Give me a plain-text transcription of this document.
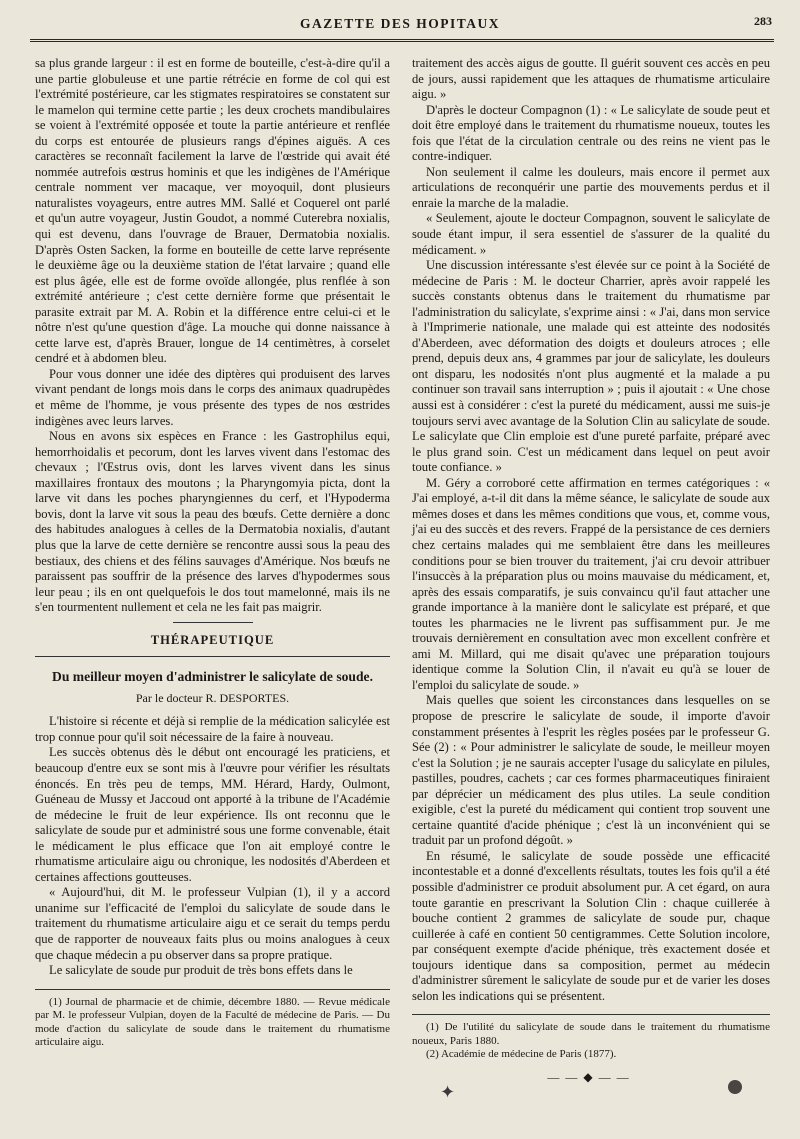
GAZETTE DES HOPITAUX	283

sa plus grande largeur : il est en forme de bouteille, c'est-à-dire qu'il a une partie globuleuse et une partie rétrécie en forme de col qui est l'extrémité postérieure, car les stigmates respiratoires se constatent sur le mamelon qui termine cette partie ; les deux crochets mandibulaires se voient à l'extrémité opposée et toute la partie antérieure et renflée du corps est entourée de plusieurs rangs d'épines aiguës. A ces caractères se reconnaît facilement la larve de l'œstride qui avait été nommée autrefois œstrus hominis et que les indigènes de l'Amérique centrale nomment ver macaque, ver moyoquil, dont plusieurs naturalistes voyageurs, entre autres MM. Sallé et Coquerel ont parlé et qu'un autre voyageur, Justin Goudot, a nommé Cuterebra noxialis, qui est devenu, dans l'ouvrage de Brauer, Dermatobia noxialis. D'après Osten Sacken, la forme en bouteille de cette larve représente le deuxième âge ou la deuxième station de l'état larvaire ; quand elle est plus âgée, elle est de forme ovoïde allongée, plus renflée à son extrémité antérieure ; c'est cette dernière forme que présentait le parasite extrait par M. A. Robin et la différence entre celui-ci et le nôtre n'est qu'une question d'âge. La mouche qui donne naissance à cette larve est, d'après Brauer, longue de 14 centimètres, à corselet cendré et à abdomen bleu.

Pour vous donner une idée des diptères qui produisent des larves vivant pendant de longs mois dans le corps des animaux quadrupèdes et même de l'homme, je vous présente des types de nos œstrides indigènes avec leurs larves.

Nous en avons six espèces en France : les Gastrophilus equi, hemorrhoidalis et pecorum, dont les larves vivent dans l'estomac des chevaux ; l'Œstrus ovis, dont les larves vivent dans les sinus maxillaires frontaux des moutons ; la Pharyngomyia picta, dont la larve vit dans les poches pharyngiennes du cerf, et l'Hypoderma bovis, dont la larve vit sous la peau des bœufs. Cette dernière a donc des habitudes analogues à celles de la Dermatobia noxialis, d'autant plus que la larve de cette dernière se rencontre aussi sous la peau des bestiaux, des chiens et des félins sauvages d'Amérique. Nos bœufs ne paraissent pas souffrir de la présence des larves d'hypodermes sous leur peau ; ils en ont quelquefois le dos tout mamelonné, mais ils ne s'en tourmentent nullement et cela ne les fait pas maigrir.

THÉRAPEUTIQUE
Du meilleur moyen d'administrer le salicylate de soude.
Par le docteur R. DESPORTES.

L'histoire si récente et déjà si remplie de la médication salicylée est trop connue pour qu'il soit nécessaire de la faire à nouveau.

Les succès obtenus dès le début ont encouragé les praticiens, et beaucoup d'entre eux se sont mis à l'œuvre pour vérifier les résultats énoncés. En très peu de temps, MM. Hérard, Hardy, Oulmont, Guéneau de Mussy et Jaccoud ont apporté à la tribune de l'Académie de médecine le fruit de leur expérience. Ils ont reconnu que le salicylate de soude pur et administré sous une forme convenable, était le médicament le plus efficace que l'on ait employé contre le rhumatisme articulaire aigu ou chronique, les nodosités d'Aberdeen et certaines affections goutteuses.

« Aujourd'hui, dit M. le professeur Vulpian (1), il y a accord unanime sur l'efficacité de l'emploi du salicylate de soude dans le traitement du rhumatisme articulaire aigu et ce serait du temps perdu que de rapporter de nouveaux faits plus ou moins analogues à ceux que chaque médecin a pu observer dans sa propre pratique.

Le salicylate de soude pur produit de très bons effets dans le

(1) Journal de pharmacie et de chimie, décembre 1880. — Revue médicale par M. le professeur Vulpian, doyen de la Faculté de médecine de Paris. — Du mode d'action du salicylate de soude dans le traitement du rhumatisme articulaire aigu.

traitement des accès aigus de goutte. Il guérit souvent ces accès en peu de jours, aussi rapidement que les attaques de rhumatisme articulaire aigu. »

D'après le docteur Compagnon (1) : « Le salicylate de soude peut et doit être employé dans le traitement du rhumatisme noueux, toutes les fois que l'état de la circulation centrale ou des reins ne vient pas le contre-indiquer.

Non seulement il calme les douleurs, mais encore il permet aux articulations de reconquérir une partie des mouvements perdus et il enraie la marche de la maladie.

« Seulement, ajoute le docteur Compagnon, souvent le salicylate de soude étant impur, il sera essentiel de s'assurer de la qualité du médicament. »

Une discussion intéressante s'est élevée sur ce point à la Société de médecine de Paris : M. le docteur Charrier, après avoir rappelé les succès constants obtenus dans le traitement du rhumatisme par l'administration du salicylate, s'exprime ainsi : « J'ai, dans mon service à l'Imprimerie nationale, une malade qui est atteinte des nodosités d'Aberdeen, avec déformation des doigts et douleurs atroces ; elle prend, depuis deux ans, 4 grammes par jour de salicylate, les douleurs ont disparu, les nodosités n'ont plus augmenté et la malade a pu continuer son travail sans interruption » ; puis il ajoutait : « Une chose aussi est à considérer : c'est la pureté du médicament, aussi me suis-je toujours servi avec avantage de la Solution Clin au salicylate de soude. Le salicylate que Clin emploie est d'une pureté parfaite, préparé avec le plus grand soin. C'est un médicament dans lequel on peut avoir toute confiance. »

M. Géry a corroboré cette affirmation en termes catégoriques : « J'ai employé, a-t-il dit dans la même séance, le salicylate de soude aux mêmes doses et dans les mêmes conditions que vous, et, comme vous, j'ai eu des succès et des revers. Frappé de la persistance de ces derniers chez certains malades qui me semblaient être dans les meilleures conditions pour se bien trouver du traitement, j'ai cru devoir attribuer l'insuccès à la préparation plus ou moins mauvaise du médicament, et, après des essais comparatifs, je suis convaincu qu'il faut attacher une grande importance à la manière dont le salicylate est préparé, et que toutes les pharmacies ne le livrent pas suffisamment pur. Je me trouvais dernièrement en consultation avec mon excellent confrère et ami M. Millard, qui me disait qu'avec une préparation toujours identique comme la Solution Clin, il n'avait eu qu'à se louer de l'emploi du salicylate de soude. »

Mais quelles que soient les circonstances dans lesquelles on se propose de prescrire le salicylate de soude, il importe d'avoir constamment présentes à l'esprit les règles posées par le professeur G. Sée (2) : « Pour administrer le salicylate de soude, le meilleur moyen c'est la Solution ; je ne saurais accepter l'usage du salicylate en pilules, pastilles, poudres, cachets ; car ces formes pharmaceutiques finiraient par déprécier un médicament des plus utiles. La seule condition exigible, c'est la pureté du médicament qui contient trop souvent une certaine quantité d'acide phénique ; c'est là un inconvénient qui se traduit par un profond dégoût. »

En résumé, le salicylate de soude possède une efficacité incontestable et a donné d'excellents résultats, toutes les fois qu'il a été possible d'administrer ce produit absolument pur. A cet égard, on aura toute garantie en prescrivant la Solution Clin : chaque cuillerée à bouche contient 2 grammes de salicylate de soude pur, chaque cuillerée à café en contient 50 centigrammes. Cette Solution incolore, par conséquent exempte d'acide phénique, très exactement dosée et toujours identique dans sa composition, permet au médecin d'administrer sûrement le salicylate de soude pur et de varier les doses selon les indications qui se présentent.

(1) De l'utilité du salicylate de soude dans le traitement du rhumatisme noueux, Paris 1880.

(2) Académie de médecine de Paris (1877).

——◆——
✦
